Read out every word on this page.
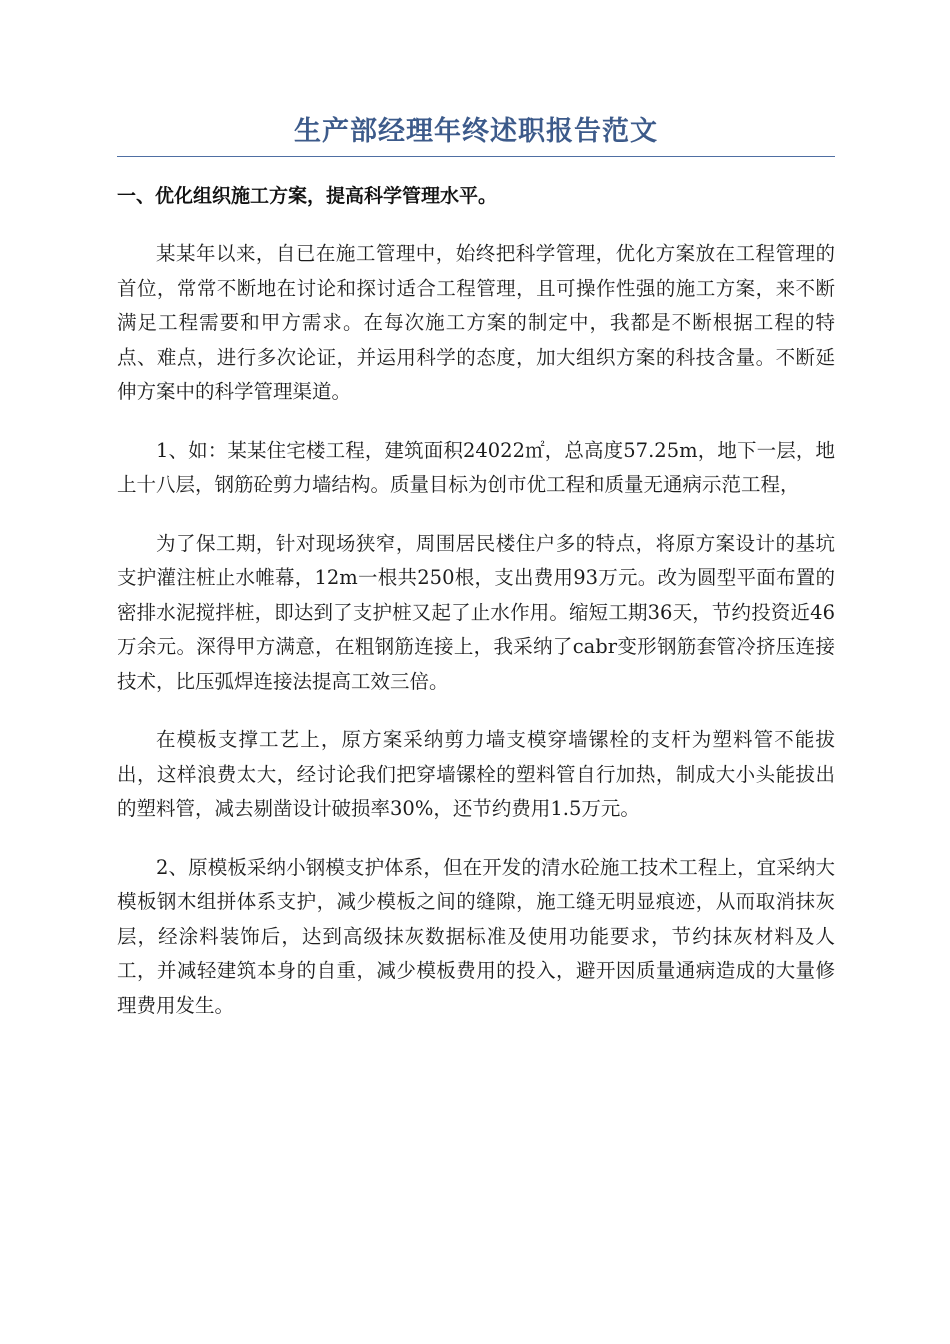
生产部经理年终述职报告范文

一、优化组织施工方案，提高科学管理水平。

某某年以来，自已在施工管理中，始终把科学管理，优化方案放在工程管理的首位，常常不断地在讨论和探讨适合工程管理，且可操作性强的施工方案，来不断满足工程需要和甲方需求。在每次施工方案的制定中，我都是不断根据工程的特点、难点，进行多次论证，并运用科学的态度，加大组织方案的科技含量。不断延伸方案中的科学管理渠道。

1、如：某某住宅楼工程，建筑面积24022㎡，总高度57.25m，地下一层，地上十八层，钢筋砼剪力墙结构。质量目标为创市优工程和质量无通病示范工程，

为了保工期，针对现场狭窄，周围居民楼住户多的特点，将原方案设计的基坑支护灌注桩止水帷幕，12m一根共250根，支出费用93万元。改为圆型平面布置的密排水泥搅拌桩，即达到了支护桩又起了止水作用。缩短工期36天，节约投资近46万余元。深得甲方满意，在粗钢筋连接上，我采纳了cabr变形钢筋套管冷挤压连接技术，比压弧焊连接法提高工效三倍。

在模板支撑工艺上，原方案采纳剪力墙支模穿墙镙栓的支杆为塑料管不能拔出，这样浪费太大，经讨论我们把穿墙镙栓的塑料管自行加热，制成大小头能拔出的塑料管，减去剔凿设计破损率30%，还节约费用1.5万元。

2、原模板采纳小钢模支护体系，但在开发的清水砼施工技术工程上，宜采纳大模板钢木组拼体系支护，减少模板之间的缝隙，施工缝无明显痕迹，从而取消抹灰层，经涂料装饰后，达到高级抹灰数据标准及使用功能要求，节约抹灰材料及人工，并减轻建筑本身的自重，减少模板费用的投入，避开因质量通病造成的大量修理费用发生。
